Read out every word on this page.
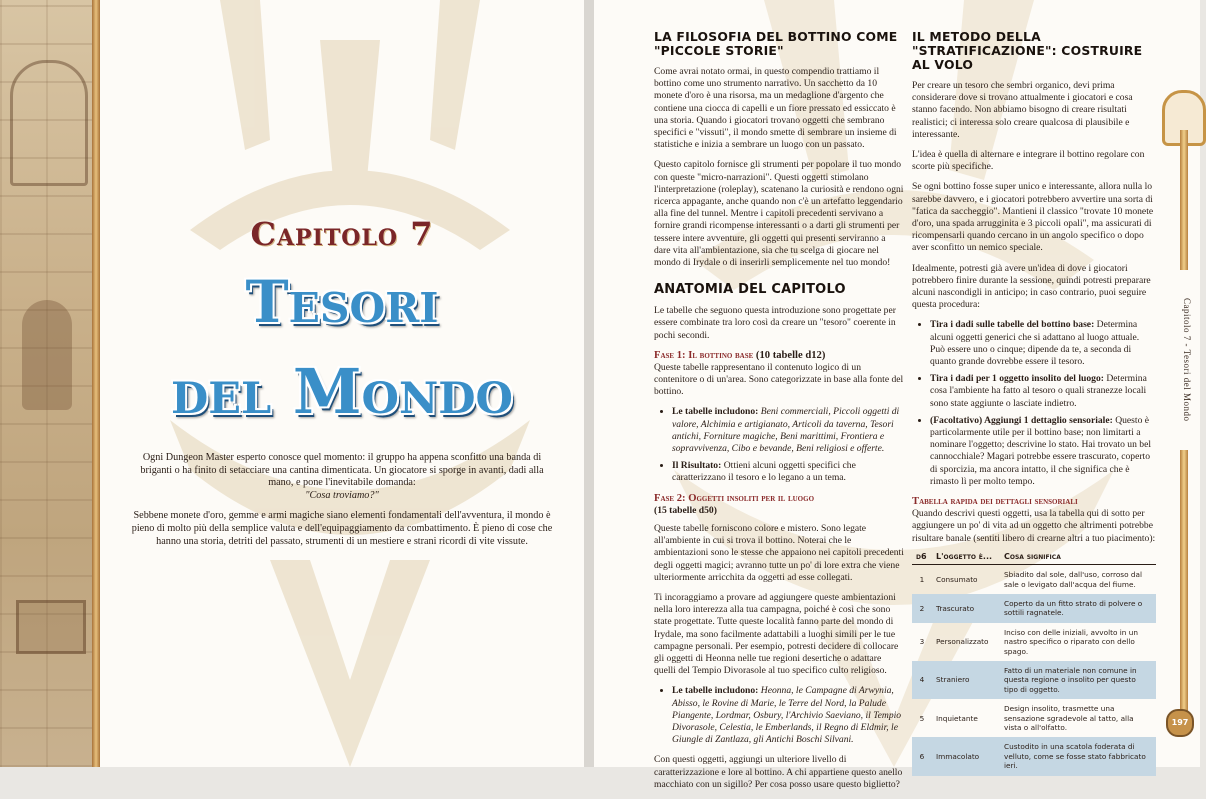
Capitolo 7
Tesori
del Mondo

Ogni Dungeon Master esperto conosce quel momento: il gruppo ha appena sconfitto una banda di briganti o ha finito di setacciare una cantina dimenticata. Un giocatore si sporge in avanti, dadi alla mano, e pone l'inevitabile domanda:
"Cosa troviamo?"

Sebbene monete d'oro, gemme e armi magiche siano elementi fondamentali dell'avventura, il mondo è pieno di molto più della semplice valuta e dell'equipaggiamento da combattimento. È pieno di cose che hanno una storia, detriti del passato, strumenti di un mestiere e strani ricordi di vite vissute.

LA FILOSOFIA DEL BOTTINO COME "PICCOLE STORIE"

Come avrai notato ormai, in questo compendio trattiamo il bottino come uno strumento narrativo. Un sacchetto da 10 monete d'oro è una risorsa, ma un medaglione d'argento che contiene una ciocca di capelli e un fiore pressato ed essiccato è una storia. Quando i giocatori trovano oggetti che sembrano specifici e "vissuti", il mondo smette di sembrare un insieme di statistiche e inizia a sembrare un luogo con un passato.

Questo capitolo fornisce gli strumenti per popolare il tuo mondo con queste "micro-narrazioni". Questi oggetti stimolano l'interpretazione (roleplay), scatenano la curiosità e rendono ogni ricerca appagante, anche quando non c'è un artefatto leggendario alla fine del tunnel. Mentre i capitoli precedenti servivano a fornire grandi ricompense interessanti o a darti gli strumenti per tessere intere avventure, gli oggetti qui presenti serviranno a dare vita all'ambientazione, sia che tu scelga di giocare nel mondo di Irydale o di inserirli semplicemente nel tuo mondo!

ANATOMIA DEL CAPITOLO

Le tabelle che seguono questa introduzione sono progettate per essere combinate tra loro così da creare un "tesoro" coerente in pochi secondi.

Fase 1: Il bottino base (10 tabelle d12)

Queste tabelle rappresentano il contenuto logico di un contenitore o di un'area. Sono categorizzate in base alla fonte del bottino.

• Le tabelle includono: Beni commerciali, Piccoli oggetti di valore, Alchimia e artigianato, Articoli da taverna, Tesori antichi, Forniture magiche, Beni marittimi, Frontiera e sopravvivenza, Cibo e bevande, Beni religiosi e offerte.
• Il Risultato: Ottieni alcuni oggetti specifici che caratterizzano il tesoro e lo legano a un tema.
Fase 2: Oggetti insoliti per il luogo
(15 tabelle d50)

Queste tabelle forniscono colore e mistero. Sono legate all'ambiente in cui si trova il bottino. Noterai che le ambientazioni sono le stesse che appaiono nei capitoli precedenti degli oggetti magici; avranno tutte un po' di lore extra che viene ulteriormente arricchita da oggetti ad esse collegati.

Ti incoraggiamo a provare ad aggiungere queste ambientazioni nella loro interezza alla tua campagna, poiché è così che sono state progettate. Tutte queste località fanno parte del mondo di Irydale, ma sono facilmente adattabili a luoghi simili per le tue campagne personali. Per esempio, potresti decidere di collocare gli oggetti di Heonna nelle tue regioni desertiche o adattare quelli del Tempio Divorasole al tuo specifico culto religioso.

• Le tabelle includono: Heonna, le Campagne di Arwynia, Abisso, le Rovine di Marie, le Terre del Nord, la Palude Piangente, Lordmar, Osbury, l'Archivio Saeviano, il Tempio Divorasole, Celestia, le Emberlands, il Regno di Eldmir, le Giungle di Zantlaza, gli Antichi Boschi Silvani.

Con questi oggetti, aggiungi un ulteriore livello di caratterizzazione e lore al bottino. A chi appartiene questo anello macchiato con un sigillo? Per cosa posso usare questo biglietto?

IL METODO DELLA "STRATIFICAZIONE": COSTRUIRE AL VOLO

Per creare un tesoro che sembri organico, devi prima considerare dove si trovano attualmente i giocatori e cosa stanno facendo. Non abbiamo bisogno di creare risultati realistici; ci interessa solo creare qualcosa di plausibile e interessante.

L'idea è quella di alternare e integrare il bottino regolare con scorte più specifiche.

Se ogni bottino fosse super unico e interessante, allora nulla lo sarebbe davvero, e i giocatori potrebbero avvertire una sorta di "fatica da saccheggio". Mantieni il classico "trovate 10 monete d'oro, una spada arrugginita e 3 piccoli opali", ma assicurati di ricompensarli quando cercano in un angolo specifico o dopo aver sconfitto un nemico speciale.

Idealmente, potresti già avere un'idea di dove i giocatori potrebbero finire durante la sessione, quindi potresti preparare alcuni nascondigli in anticipo; in caso contrario, puoi seguire questa procedura:

• Tira i dadi sulle tabelle del bottino base: Determina alcuni oggetti generici che si adattano al luogo attuale. Può essere uno o cinque; dipende da te, a seconda di quanto grande dovrebbe essere il tesoro.
• Tira i dadi per 1 oggetto insolito del luogo: Determina cosa l'ambiente ha fatto al tesoro o quali stranezze locali sono state aggiunte o lasciate indietro.
• (Facoltativo) Aggiungi 1 dettaglio sensoriale: Questo è particolarmente utile per il bottino base; non limitarti a nominare l'oggetto; descrivine lo stato. Hai trovato un bel cannocchiale? Magari potrebbe essere trascurato, coperto di sporcizia, ma ancora intatto, il che significa che è rimasto lì per molto tempo.
Tabella rapida dei dettagli sensoriali

Quando descrivi questi oggetti, usa la tabella qui di sotto per aggiungere un po' di vita ad un oggetto che altrimenti potrebbe risultare banale (sentiti libero di crearne altri a tuo piacimento):

d6	L'oggetto è...	Cosa significa
1	Consumato	Sbiadito dal sole, dall'uso, corroso dal sale o levigato dall'acqua del fiume.
2	Trascurato	Coperto da un fitto strato di polvere o sottili ragnatele.
3	Personalizzato	Inciso con delle iniziali, avvolto in un nastro specifico o riparato con dello spago.
4	Straniero	Fatto di un materiale non comune in questa regione o insolito per questo tipo di oggetto.
5	Inquietante	Design insolito, trasmette una sensazione sgradevole al tatto, alla vista o all'olfatto.
6	Immacolato	Custodito in una scatola foderata di velluto, come se fosse stato fabbricato ieri.
Capitolo 7 - Tesori del Mondo
197
